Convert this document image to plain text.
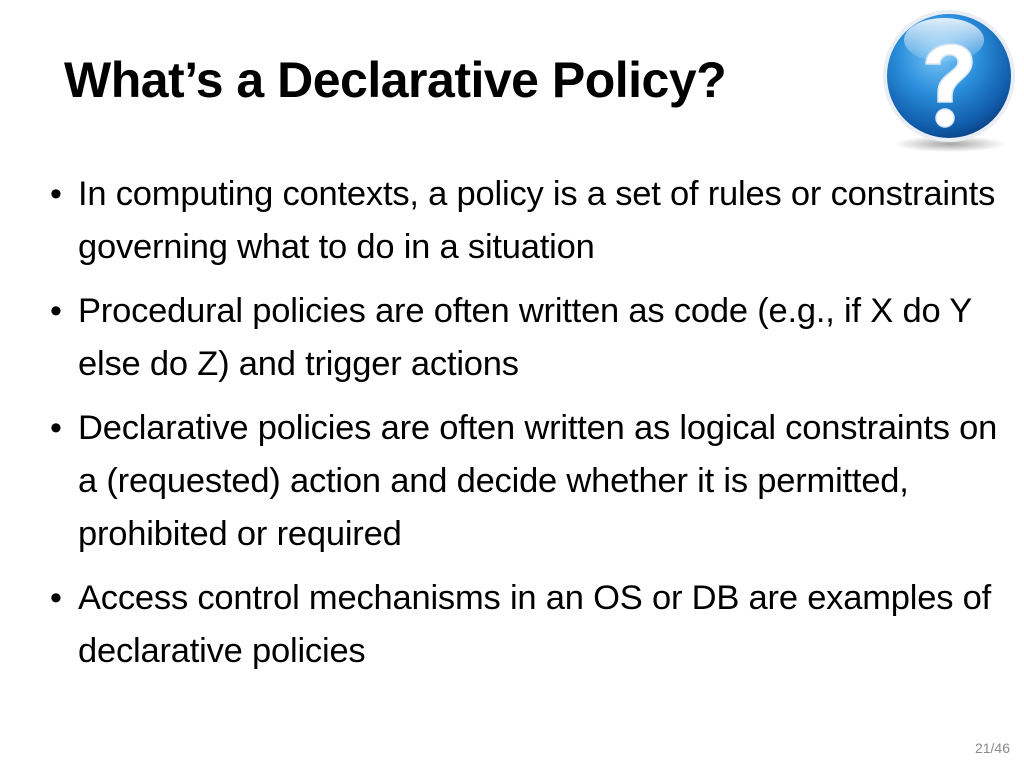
What’s a Declarative Policy?
• In computing contexts, a policy is a set of rules or constraints governing what to do in a situation
• Procedural policies are often written as code (e.g., if X do Y else do Z) and trigger actions
• Declarative policies are often written as logical constraints on a (requested) action and decide whether it is permitted, prohibited or required
• Access control mechanisms in an OS or DB are examples of declarative policies
21/46
